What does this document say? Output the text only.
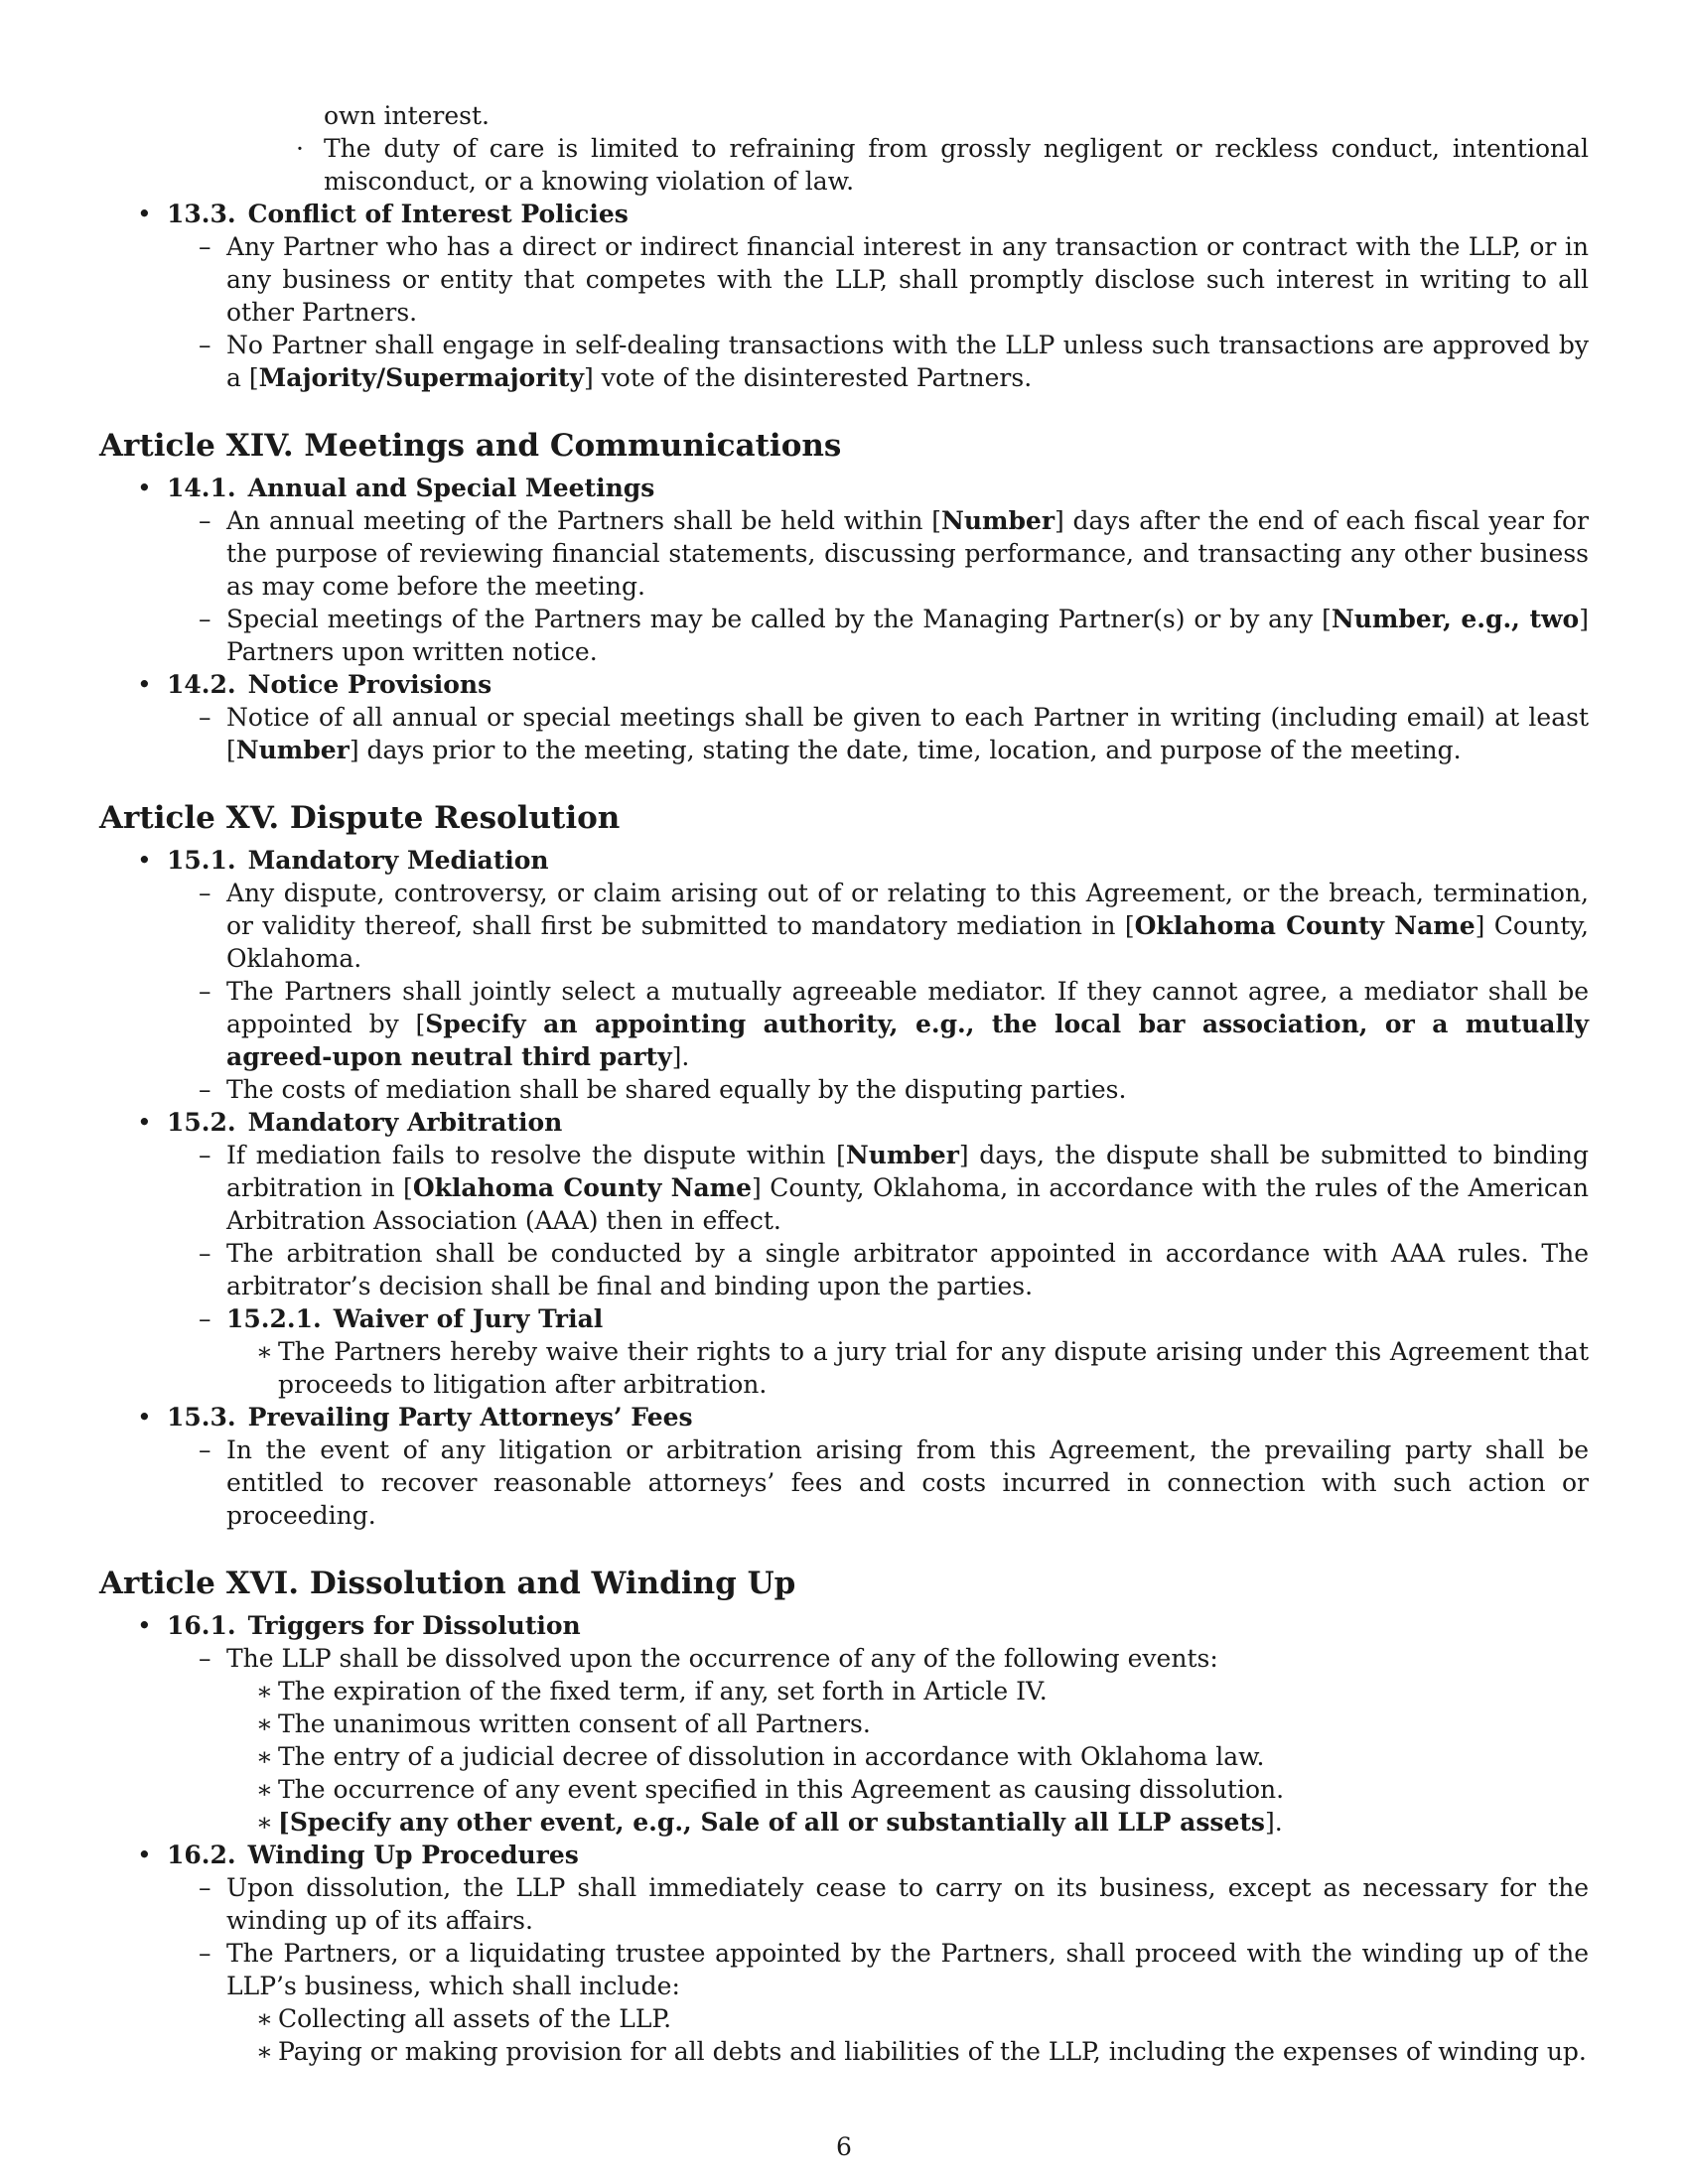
own interest.

· The duty of care is limited to refraining from grossly negligent or reckless conduct, intentional misconduct, or a knowing violation of law.
• 13.3. Conflict of Interest Policies
– Any Partner who has a direct or indirect financial interest in any transaction or contract with the LLP, or in any business or entity that competes with the LLP, shall promptly disclose such interest in writing to all other Partners.
– No Partner shall engage in self-dealing transactions with the LLP unless such transactions are approved by a [Majority/Supermajority] vote of the disinterested Partners.
Article XIV. Meetings and Communications
• 14.1. Annual and Special Meetings
– An annual meeting of the Partners shall be held within [Number] days after the end of each fiscal year for the purpose of reviewing financial statements, discussing performance, and transacting any other business as may come before the meeting.
– Special meetings of the Partners may be called by the Managing Partner(s) or by any [Number, e.g., two] Partners upon written notice.
• 14.2. Notice Provisions
– Notice of all annual or special meetings shall be given to each Partner in writing (including email) at least [Number] days prior to the meeting, stating the date, time, location, and purpose of the meeting.
Article XV. Dispute Resolution
• 15.1. Mandatory Mediation
– Any dispute, controversy, or claim arising out of or relating to this Agreement, or the breach, termination, or validity thereof, shall first be submitted to mandatory mediation in [Oklahoma County Name] County, Oklahoma.
– The Partners shall jointly select a mutually agreeable mediator. If they cannot agree, a mediator shall be appointed by [Specify an appointing authority, e.g., the local bar association, or a mutually agreed-upon neutral third party].
– The costs of mediation shall be shared equally by the disputing parties.
• 15.2. Mandatory Arbitration
– If mediation fails to resolve the dispute within [Number] days, the dispute shall be submitted to binding arbitration in [Oklahoma County Name] County, Oklahoma, in accordance with the rules of the American Arbitration Association (AAA) then in effect.
– The arbitration shall be conducted by a single arbitrator appointed in accordance with AAA rules. The arbitrator’s decision shall be final and binding upon the parties.
– 15.2.1. Waiver of Jury Trial
∗ The Partners hereby waive their rights to a jury trial for any dispute arising under this Agreement that proceeds to litigation after arbitration.
• 15.3. Prevailing Party Attorneys’ Fees
– In the event of any litigation or arbitration arising from this Agreement, the prevailing party shall be entitled to recover reasonable attorneys’ fees and costs incurred in connection with such action or proceeding.
Article XVI. Dissolution and Winding Up
• 16.1. Triggers for Dissolution
– The LLP shall be dissolved upon the occurrence of any of the following events:
∗ The expiration of the fixed term, if any, set forth in Article IV.
∗ The unanimous written consent of all Partners.
∗ The entry of a judicial decree of dissolution in accordance with Oklahoma law.
∗ The occurrence of any event specified in this Agreement as causing dissolution.
∗ [Specify any other event, e.g., Sale of all or substantially all LLP assets].
• 16.2. Winding Up Procedures
– Upon dissolution, the LLP shall immediately cease to carry on its business, except as necessary for the winding up of its affairs.
– The Partners, or a liquidating trustee appointed by the Partners, shall proceed with the winding up of the LLP’s business, which shall include:
∗ Collecting all assets of the LLP.
∗ Paying or making provision for all debts and liabilities of the LLP, including the expenses of winding up.
6
